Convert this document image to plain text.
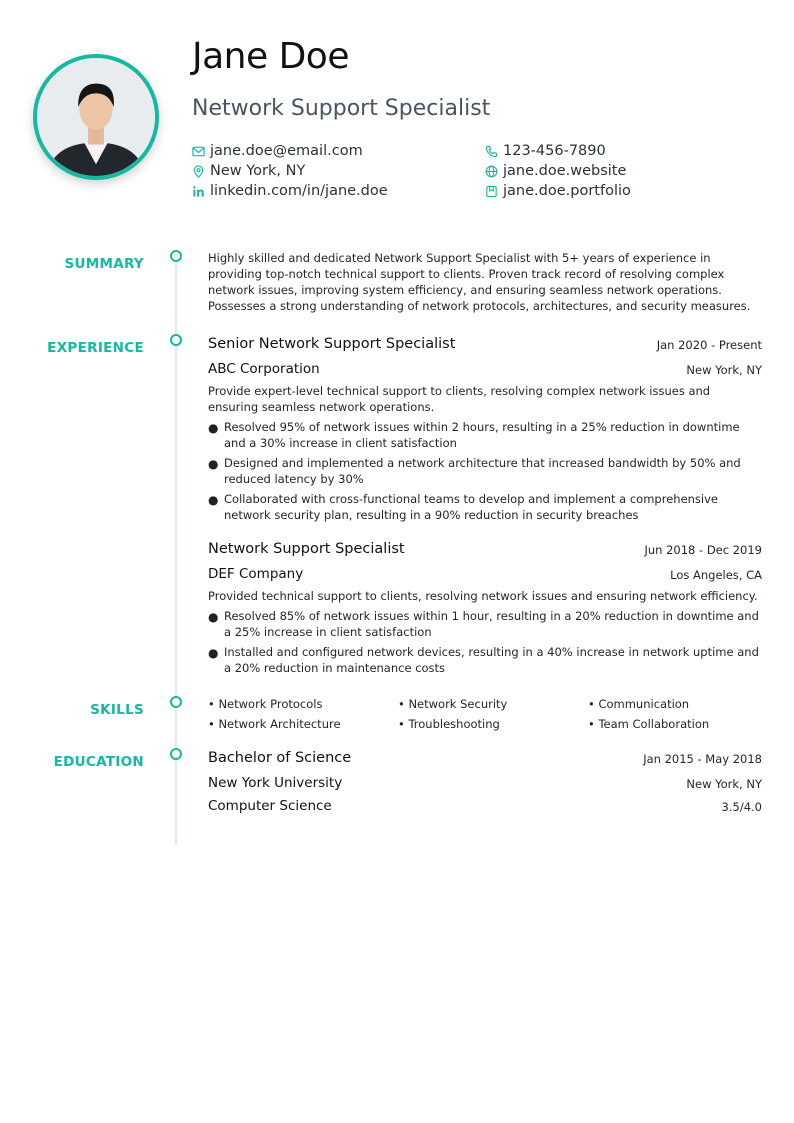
Jane Doe
Network Support Specialist
jane.doe@email.com	123-456-7890
New York, NY	jane.doe.website
linkedin.com/in/jane.doe	jane.doe.portfolio
SUMMARY	Highly skilled and dedicated Network Support Specialist with 5+ years of experience in providing top-notch technical support to clients. Proven track record of resolving complex network issues, improving system efficiency, and ensuring seamless network operations. Possesses a strong understanding of network protocols, architectures, and security measures.
EXPERIENCE	Senior Network Support Specialist	Jan 2020 - Present
ABC Corporation	New York, NY
Provide expert-level technical support to clients, resolving complex network issues and ensuring seamless network operations.
● Resolved 95% of network issues within 2 hours, resulting in a 25% reduction in downtime and a 30% increase in client satisfaction
● Designed and implemented a network architecture that increased bandwidth by 50% and reduced latency by 30%
● Collaborated with cross-functional teams to develop and implement a comprehensive network security plan, resulting in a 90% reduction in security breaches
Network Support Specialist	Jun 2018 - Dec 2019
DEF Company	Los Angeles, CA
Provided technical support to clients, resolving network issues and ensuring network efficiency.
● Resolved 85% of network issues within 1 hour, resulting in a 20% reduction in downtime and a 25% increase in client satisfaction
● Installed and configured network devices, resulting in a 40% increase in network uptime and a 20% reduction in maintenance costs
SKILLS	• Network Protocols	• Network Security	• Communication
• Network Architecture	• Troubleshooting	• Team Collaboration
EDUCATION	Bachelor of Science	Jan 2015 - May 2018
New York University	New York, NY
Computer Science	3.5/4.0
